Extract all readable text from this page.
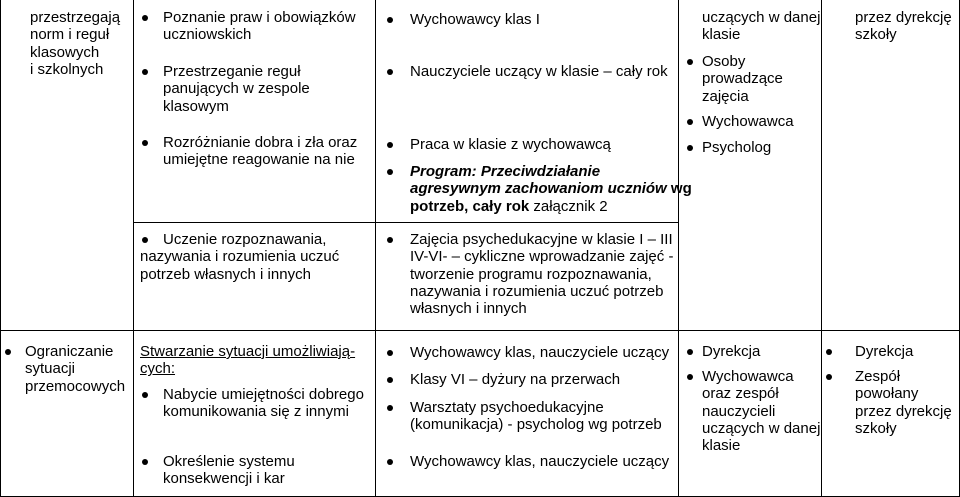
przestrzegają
norm i reguł
klasowych
i szkolnych
Poznanie praw i obowiązków
uczniowskich
Przestrzeganie reguł
panujących w zespole
klasowym
Rozróżnianie dobra i zła oraz
umiejętne reagowanie na nie
Wychowawcy klas I
Nauczyciele uczący w klasie – cały rok
Praca w klasie z wychowawcą
Program: Przeciwdziałanie
agresywnym zachowaniom uczniów wg
potrzeb, cały rok załącznik 2
uczących w danej
klasie
Osoby
prowadzące
zajęcia
Wychowawca
Psycholog
przez dyrekcję
szkoły
Uczenie rozpoznawania,
nazywania i rozumienia uczuć
potrzeb własnych i innych
Zajęcia psychedukacyjne w klasie I – III
IV-VI- – cykliczne wprowadzanie zajęć -
tworzenie programu rozpoznawania,
nazywania i rozumienia uczuć potrzeb
własnych i innych
Ograniczanie
sytuacji
przemocowych
Stwarzanie sytuacji umożliwiają-
cych:
Nabycie umiejętności dobrego
komunikowania się z innymi
Określenie systemu
konsekwencji i kar
Wychowawcy klas, nauczyciele uczący
Klasy VI – dyżury na przerwach
Warsztaty psychoedukacyjne
(komunikacja) - psycholog wg potrzeb
Wychowawcy klas, nauczyciele uczący
Dyrekcja
Wychowawca
oraz zespół
nauczycieli
uczących w danej
klasie
Dyrekcja
Zespół
powołany
przez dyrekcję
szkoły
